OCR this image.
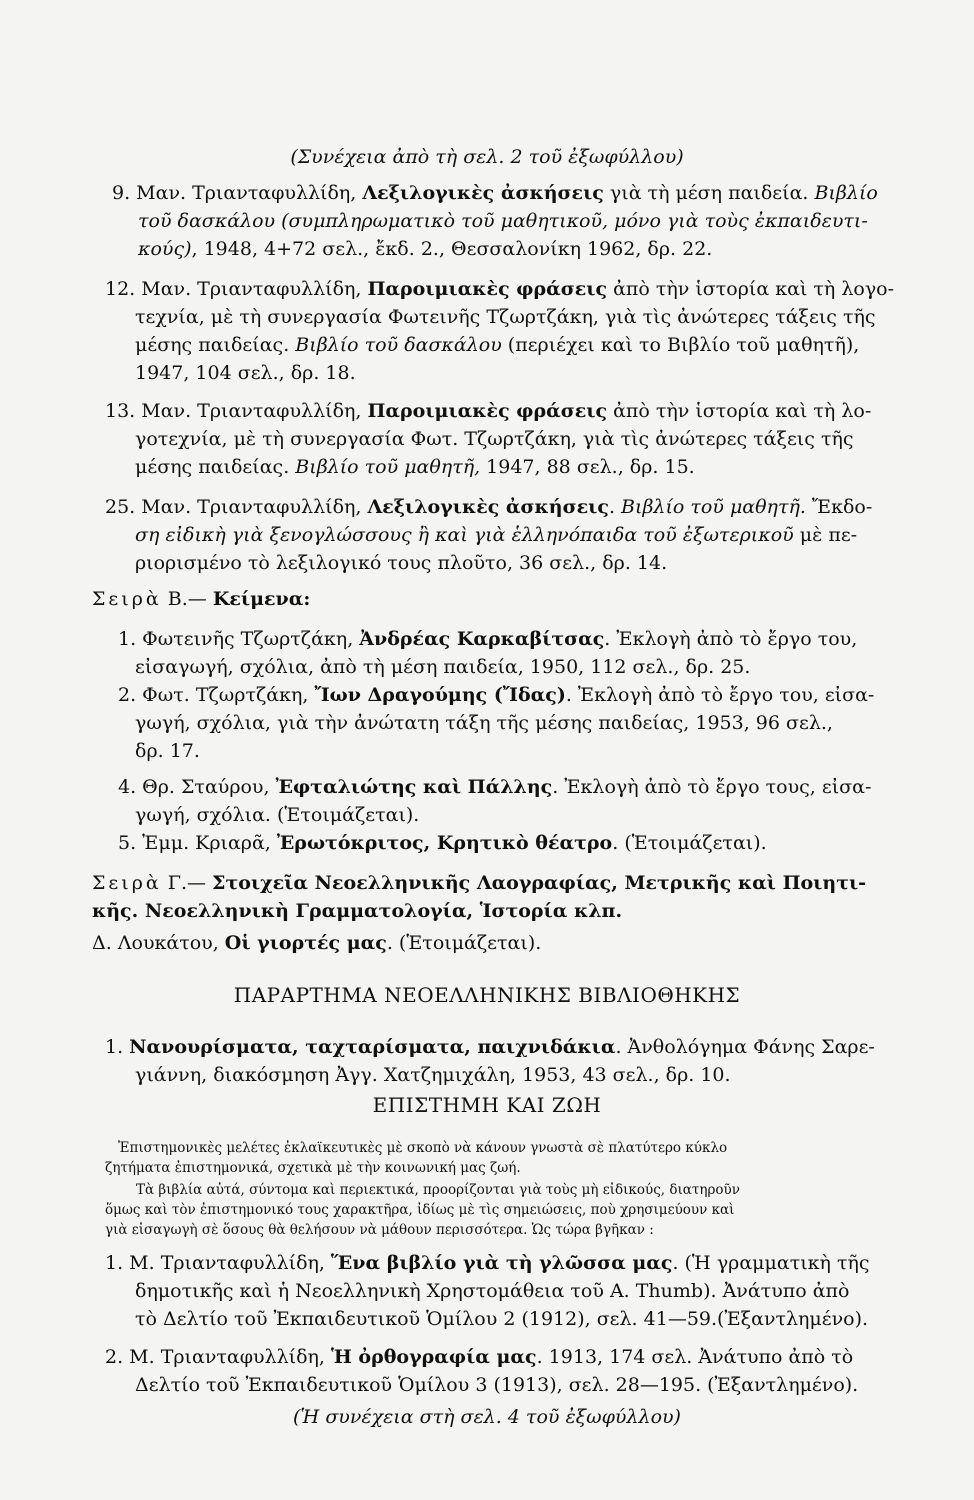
(Συνέχεια ἀπὸ τὴ σελ. 2 τοῦ ἐξωφύλλου)
9. Μαν. Τριανταφυλλίδη, Λεξιλογικὲς ἀσκήσεις γιὰ τὴ μέση παιδεία. Βιβλίο
τοῦ δασκάλου (συμπληρωματικὸ τοῦ μαθητικοῦ, μόνο γιὰ τοὺς ἐκπαιδευτι-
κούς), 1948, 4+72 σελ., ἔκδ. 2., Θεσσαλονίκη 1962, δρ. 22.
12. Μαν. Τριανταφυλλίδη, Παροιμιακὲς φράσεις ἀπὸ τὴν ἱστορία καὶ τὴ λογο-
τεχνία, μὲ τὴ συνεργασία Φωτεινῆς Τζωρτζάκη, γιὰ τὶς ἀνώτερες τάξεις τῆς
μέσης παιδείας. Βιβλίο τοῦ δασκάλου (περιέχει καὶ το Βιβλίο τοῦ μαθητῆ),
1947, 104 σελ., δρ. 18.
13. Μαν. Τριανταφυλλίδη, Παροιμιακὲς φράσεις ἀπὸ τὴν ἱστορία καὶ τὴ λο-
γοτεχνία, μὲ τὴ συνεργασία Φωτ. Τζωρτζάκη, γιὰ τὶς ἀνώτερες τάξεις τῆς
μέσης παιδείας. Βιβλίο τοῦ μαθητῆ, 1947, 88 σελ., δρ. 15.
25. Μαν. Τριανταφυλλίδη, Λεξιλογικὲς ἀσκήσεις. Βιβλίο τοῦ μαθητῆ. Ἔκδο-
ση εἰδικὴ γιὰ ξενογλώσσους ἢ καὶ γιὰ ἑλληνόπαιδα τοῦ ἐξωτερικοῦ μὲ πε-
ριορισμένο τὸ λεξιλογικό τους πλοῦτο, 36 σελ., δρ. 14.
Σειρὰ Β.— Κείμενα:
1. Φωτεινῆς Τζωρτζάκη, Ἀνδρέας Καρκαβίτσας. Ἐκλογὴ ἀπὸ τὸ ἔργο του,
εἰσαγωγή, σχόλια, ἀπὸ τὴ μέση παιδεία, 1950, 112 σελ., δρ. 25.
2. Φωτ. Τζωρτζάκη, Ἴων Δραγούμης (Ἴδας). Ἐκλογὴ ἀπὸ τὸ ἔργο του, εἰσα-
γωγή, σχόλια, γιὰ τὴν ἀνώτατη τάξη τῆς μέσης παιδείας, 1953, 96 σελ.,
δρ. 17.
4. Θρ. Σταύρου, Ἐφταλιώτης καὶ Πάλλης. Ἐκλογὴ ἀπὸ τὸ ἔργο τους, εἰσα-
γωγή, σχόλια. (Ἑτοιμάζεται).
5. Ἐμμ. Κριαρᾶ, Ἐρωτόκριτος, Κρητικὸ θέατρο. (Ἑτοιμάζεται).
Σειρὰ Γ.— Στοιχεῖα Νεοελληνικῆς Λαογραφίας, Μετρικῆς καὶ Ποιητι-
κῆς. Νεοελληνικὴ Γραμματολογία, Ἱστορία κλπ.
Δ. Λουκάτου, Οἱ γιορτές μας. (Ἑτοιμάζεται).
ΠΑΡΑΡΤΗΜΑ ΝΕΟΕΛΛΗΝΙΚΗΣ ΒΙΒΛΙΟΘΗΚΗΣ
1. Νανουρίσματα, ταχταρίσματα, παιχνιδάκια. Ἀνθολόγημα Φάνης Σαρε-
γιάννη, διακόσμηση Ἀγγ. Χατζημιχάλη, 1953, 43 σελ., δρ. 10.
ΕΠΙΣΤΗΜΗ ΚΑΙ ΖΩΗ
Ἐπιστημονικὲς μελέτες ἐκλαϊκευτικὲς μὲ σκοπὸ νὰ κάνουν γνωστὰ σὲ πλατύτερο κύκλο
ζητήματα ἐπιστημονικά, σχετικὰ μὲ τὴν κοινωνική μας ζωή.
Τὰ βιβλία αὐτά, σύντομα καὶ περιεκτικά, προορίζονται γιὰ τοὺς μὴ εἰδικούς, διατηροῦν
ὅμως καὶ τὸν ἐπιστημονικό τους χαρακτῆρα, ἰδίως μὲ τὶς σημειώσεις, ποὺ χρησιμεύουν καὶ
γιὰ εἰσαγωγὴ σὲ ὅσους θὰ θελήσουν νὰ μάθουν περισσότερα. Ὡς τώρα βγῆκαν :
1. Μ. Τριανταφυλλίδη, Ἕνα βιβλίο γιὰ τὴ γλῶσσα μας. (Ἡ γραμματικὴ τῆς
δημοτικῆς καὶ ἡ Νεοελληνικὴ Χρηστομάθεια τοῦ A. Thumb). Ἀνάτυπο ἀπὸ
τὸ Δελτίο τοῦ Ἐκπαιδευτικοῦ Ὁμίλου 2 (1912), σελ. 41—59.(Ἐξαντλημένο).
2. Μ. Τριανταφυλλίδη, Ἡ ὀρθογραφία μας. 1913, 174 σελ. Ἀνάτυπο ἀπὸ τὸ
Δελτίο τοῦ Ἐκπαιδευτικοῦ Ὁμίλου 3 (1913), σελ. 28—195. (Ἐξαντλημένο).
(Ἡ συνέχεια στὴ σελ. 4 τοῦ ἐξωφύλλου)
